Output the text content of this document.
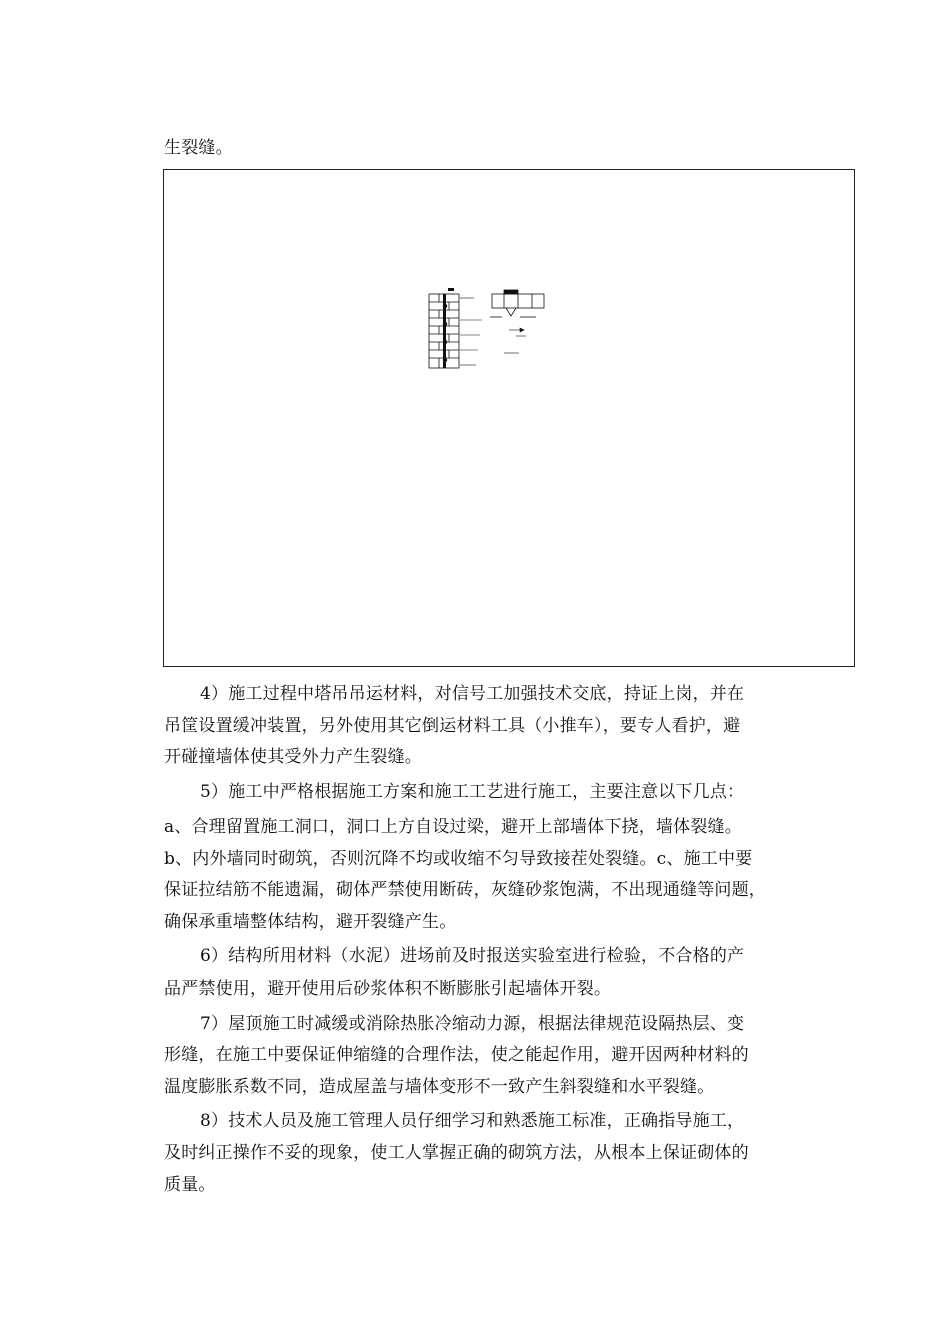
生裂缝。
4）施工过程中塔吊吊运材料，对信号工加强技术交底，持证上岗，并在
吊筐设置缓冲装置，另外使用其它倒运材料工具（小推车），要专人看护，避
开碰撞墙体使其受外力产生裂缝。
5）施工中严格根据施工方案和施工工艺进行施工，主要注意以下几点：
a、合理留置施工洞口，洞口上方自设过梁，避开上部墙体下挠，墙体裂缝。
b、内外墙同时砌筑，否则沉降不均或收缩不匀导致接茬处裂缝。c、施工中要
保证拉结筋不能遗漏，砌体严禁使用断砖，灰缝砂浆饱满，不出现通缝等问题，
确保承重墙整体结构，避开裂缝产生。
6）结构所用材料（水泥）进场前及时报送实验室进行检验，不合格的产
品严禁使用，避开使用后砂浆体积不断膨胀引起墙体开裂。
7）屋顶施工时减缓或消除热胀冷缩动力源，根据法律规范设隔热层、变
形缝，在施工中要保证伸缩缝的合理作法，使之能起作用，避开因两种材料的
温度膨胀系数不同，造成屋盖与墙体变形不一致产生斜裂缝和水平裂缝。
8）技术人员及施工管理人员仔细学习和熟悉施工标准，正确指导施工，
及时纠正操作不妥的现象，使工人掌握正确的砌筑方法，从根本上保证砌体的
质量。
